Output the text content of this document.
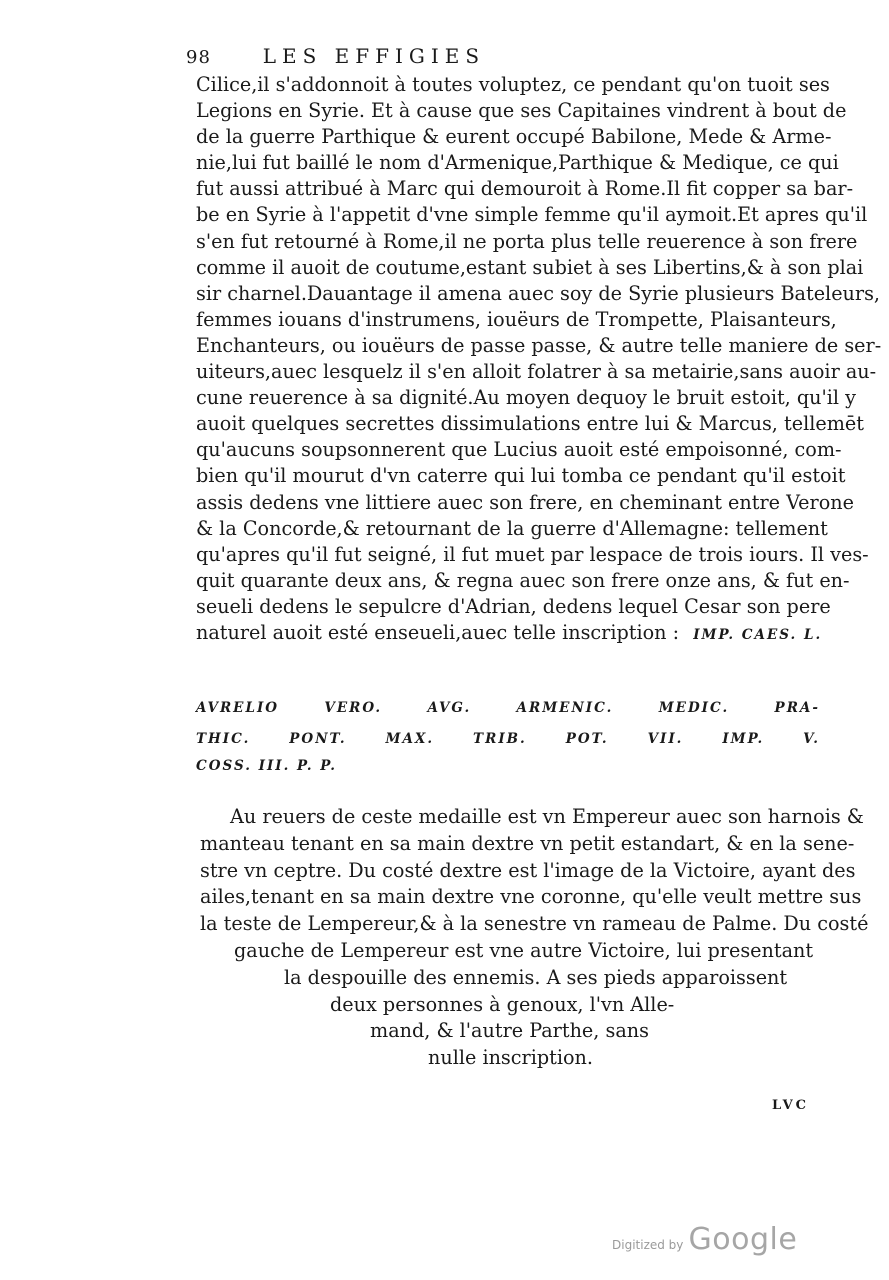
98	LES EFFIGIES
Cilice,il s'addonnoit à toutes voluptez, ce pendant qu'on tuoit ses
Legions en Syrie. Et à cause que ses Capitaines vindrent à bout de
de la guerre Parthique & eurent occupé Babilone, Mede & Arme-
nie,lui fut baillé le nom d'Armenique,Parthique & Medique, ce qui
fut aussi attribué à Marc qui demouroit à Rome.Il fit copper sa bar-
be en Syrie à l'appetit d'vne simple femme qu'il aymoit.Et apres qu'il
s'en fut retourné à Rome,il ne porta plus telle reuerence à son frere
comme il auoit de coutume,estant subiet à ses Libertins,& à son plai
sir charnel.Dauantage il amena auec soy de Syrie plusieurs Bateleurs,
femmes iouans d'instrumens, iouëurs de Trompette, Plaisanteurs,
Enchanteurs, ou iouëurs de passe passe, & autre telle maniere de ser-
uiteurs,auec lesquelz il s'en alloit folatrer à sa metairie,sans auoir au-
cune reuerence à sa dignité.Au moyen dequoy le bruit estoit, qu'il y
auoit quelques secrettes dissimulations entre lui & Marcus, tellemēt
qu'aucuns soupsonnerent que Lucius auoit esté empoisonné, com-
bien qu'il mourut d'vn caterre qui lui tomba ce pendant qu'il estoit
assis dedens vne littiere auec son frere, en cheminant entre Verone
& la Concorde,& retournant de la guerre d'Allemagne: tellement
qu'apres qu'il fut seigné, il fut muet par lespace de trois iours. Il ves-
quit quarante deux ans, & regna auec son frere onze ans, & fut en-
seueli dedens le sepulcre d'Adrian, dedens lequel Cesar son pere
naturel auoit esté enseueli,auec telle inscription : IMP. CAES. L.
AVRELIO VERO. AVG. ARMENIC. MEDIC. PRA-
THIC. PONT. MAX. TRIB. POT. VII. IMP. V.
COSS. III. P. P.
Au reuers de ceste medaille est vn Empereur auec son harnois &
manteau tenant en sa main dextre vn petit estandart, & en la sene-
stre vn ceptre. Du costé dextre est l'image de la Victoire, ayant des
ailes,tenant en sa main dextre vne coronne, qu'elle veult mettre sus
la teste de Lempereur,& à la senestre vn rameau de Palme. Du costé
gauche de Lempereur est vne autre Victoire, lui presentant
la despouille des ennemis. A ses pieds apparoissent
deux personnes à genoux, l'vn Alle-
mand, & l'autre Parthe, sans
nulle inscription.
LVC
Digitized by Google
